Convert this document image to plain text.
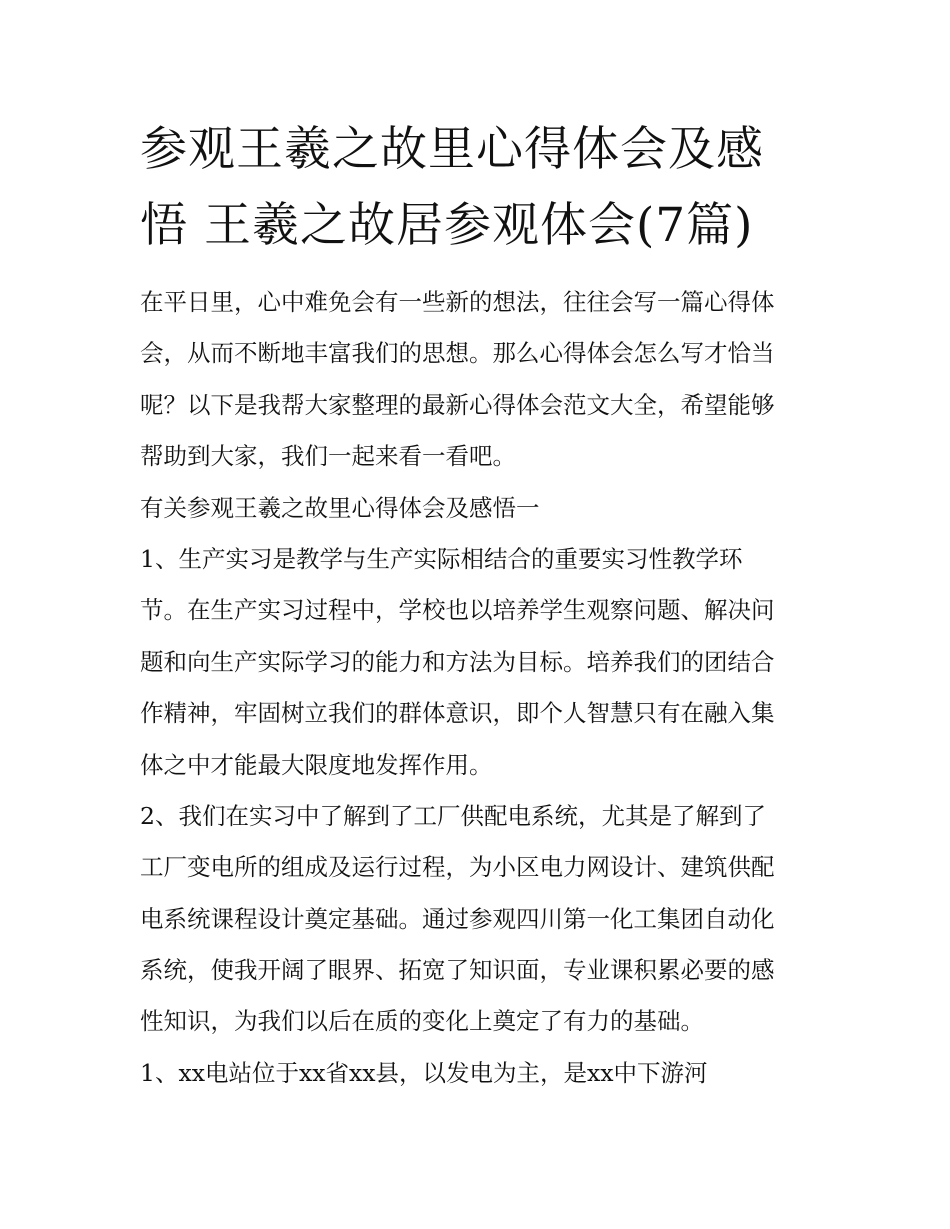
参观王羲之故里心得体会及感
悟 王羲之故居参观体会(7篇)
在平日里，心中难免会有一些新的想法，往往会写一篇心得体
会，从而不断地丰富我们的思想。那么心得体会怎么写才恰当
呢？以下是我帮大家整理的最新心得体会范文大全，希望能够
帮助到大家，我们一起来看一看吧。
有关参观王羲之故里心得体会及感悟一
1、生产实习是教学与生产实际相结合的重要实习性教学环
节。在生产实习过程中，学校也以培养学生观察问题、解决问
题和向生产实际学习的能力和方法为目标。培养我们的团结合
作精神，牢固树立我们的群体意识，即个人智慧只有在融入集
体之中才能最大限度地发挥作用。
2、我们在实习中了解到了工厂供配电系统，尤其是了解到了
工厂变电所的组成及运行过程，为小区电力网设计、建筑供配
电系统课程设计奠定基础。通过参观四川第一化工集团自动化
系统，使我开阔了眼界、拓宽了知识面，专业课积累必要的感
性知识，为我们以后在质的变化上奠定了有力的基础。
1、xx电站位于xx省xx县，以发电为主，是xx中下游河
